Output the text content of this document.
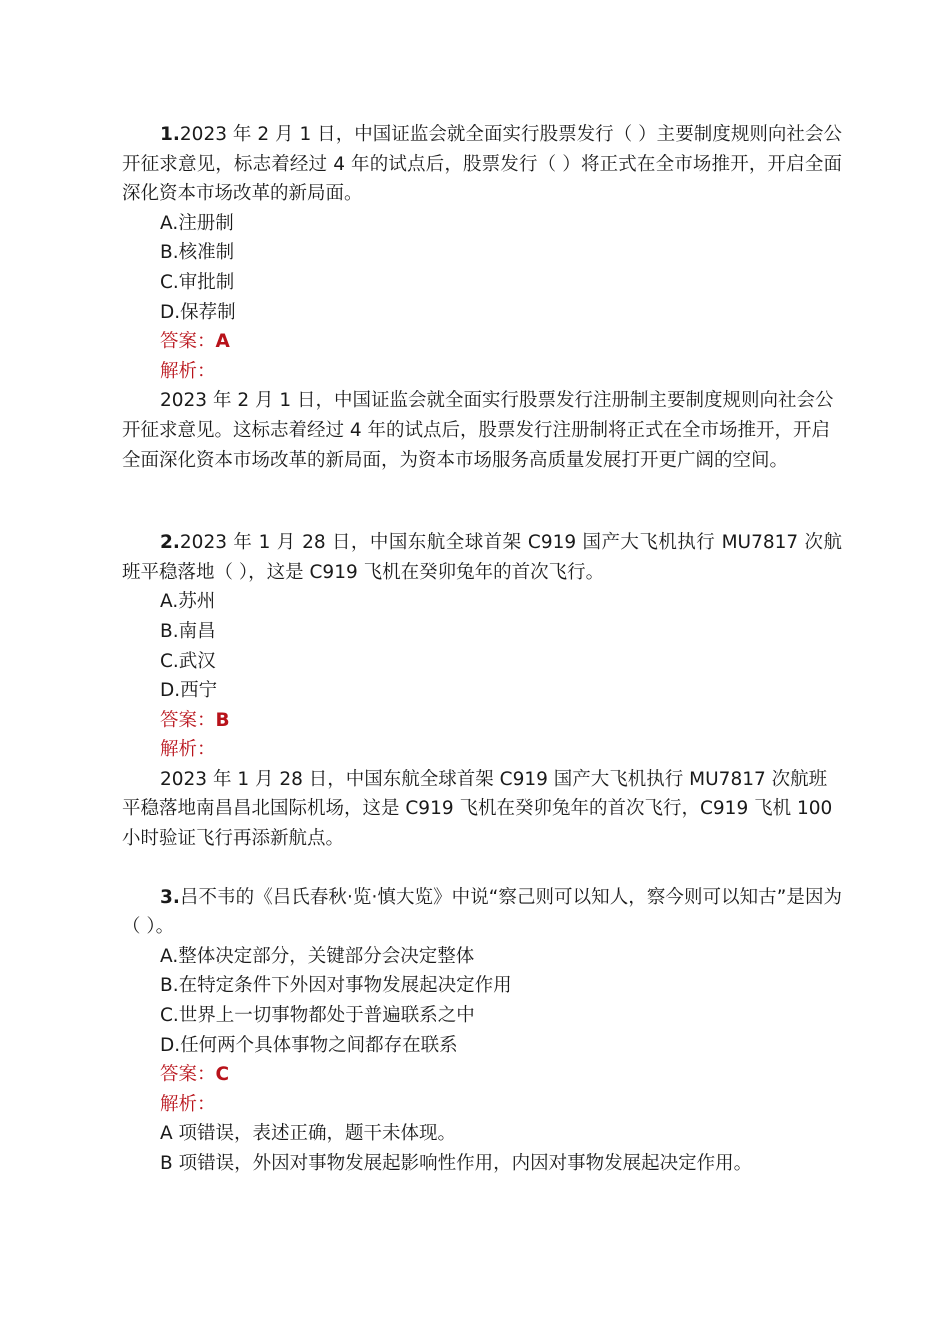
1.2023 年 2 月 1 日，中国证监会就全面实行股票发行（ ）主要制度规则向社会公开征求意见，标志着经过 4 年的试点后，股票发行（ ）将正式在全市场推开，开启全面深化资本市场改革的新局面。

A.注册制

B.核准制

C.审批制

D.保荐制

答案：A

解析：

2023 年 2 月 1 日，中国证监会就全面实行股票发行注册制主要制度规则向社会公开征求意见。这标志着经过 4 年的试点后，股票发行注册制将正式在全市场推开，开启全面深化资本市场改革的新局面，为资本市场服务高质量发展打开更广阔的空间。

2.2023 年 1 月 28 日，中国东航全球首架 C919 国产大飞机执行 MU7817 次航班平稳落地（ ），这是 C919 飞机在癸卯兔年的首次飞行。

A.苏州

B.南昌

C.武汉

D.西宁

答案：B

解析：

2023 年 1 月 28 日，中国东航全球首架 C919 国产大飞机执行 MU7817 次航班平稳落地南昌昌北国际机场，这是 C919 飞机在癸卯兔年的首次飞行，C919 飞机 100 小时验证飞行再添新航点。

3.吕不韦的《吕氏春秋·览·慎大览》中说“察己则可以知人，察今则可以知古”是因为（ ）。

A.整体决定部分，关键部分会决定整体

B.在特定条件下外因对事物发展起决定作用

C.世界上一切事物都处于普遍联系之中

D.任何两个具体事物之间都存在联系

答案：C

解析：

A 项错误，表述正确，题干未体现。

B 项错误，外因对事物发展起影响性作用，内因对事物发展起决定作用。
